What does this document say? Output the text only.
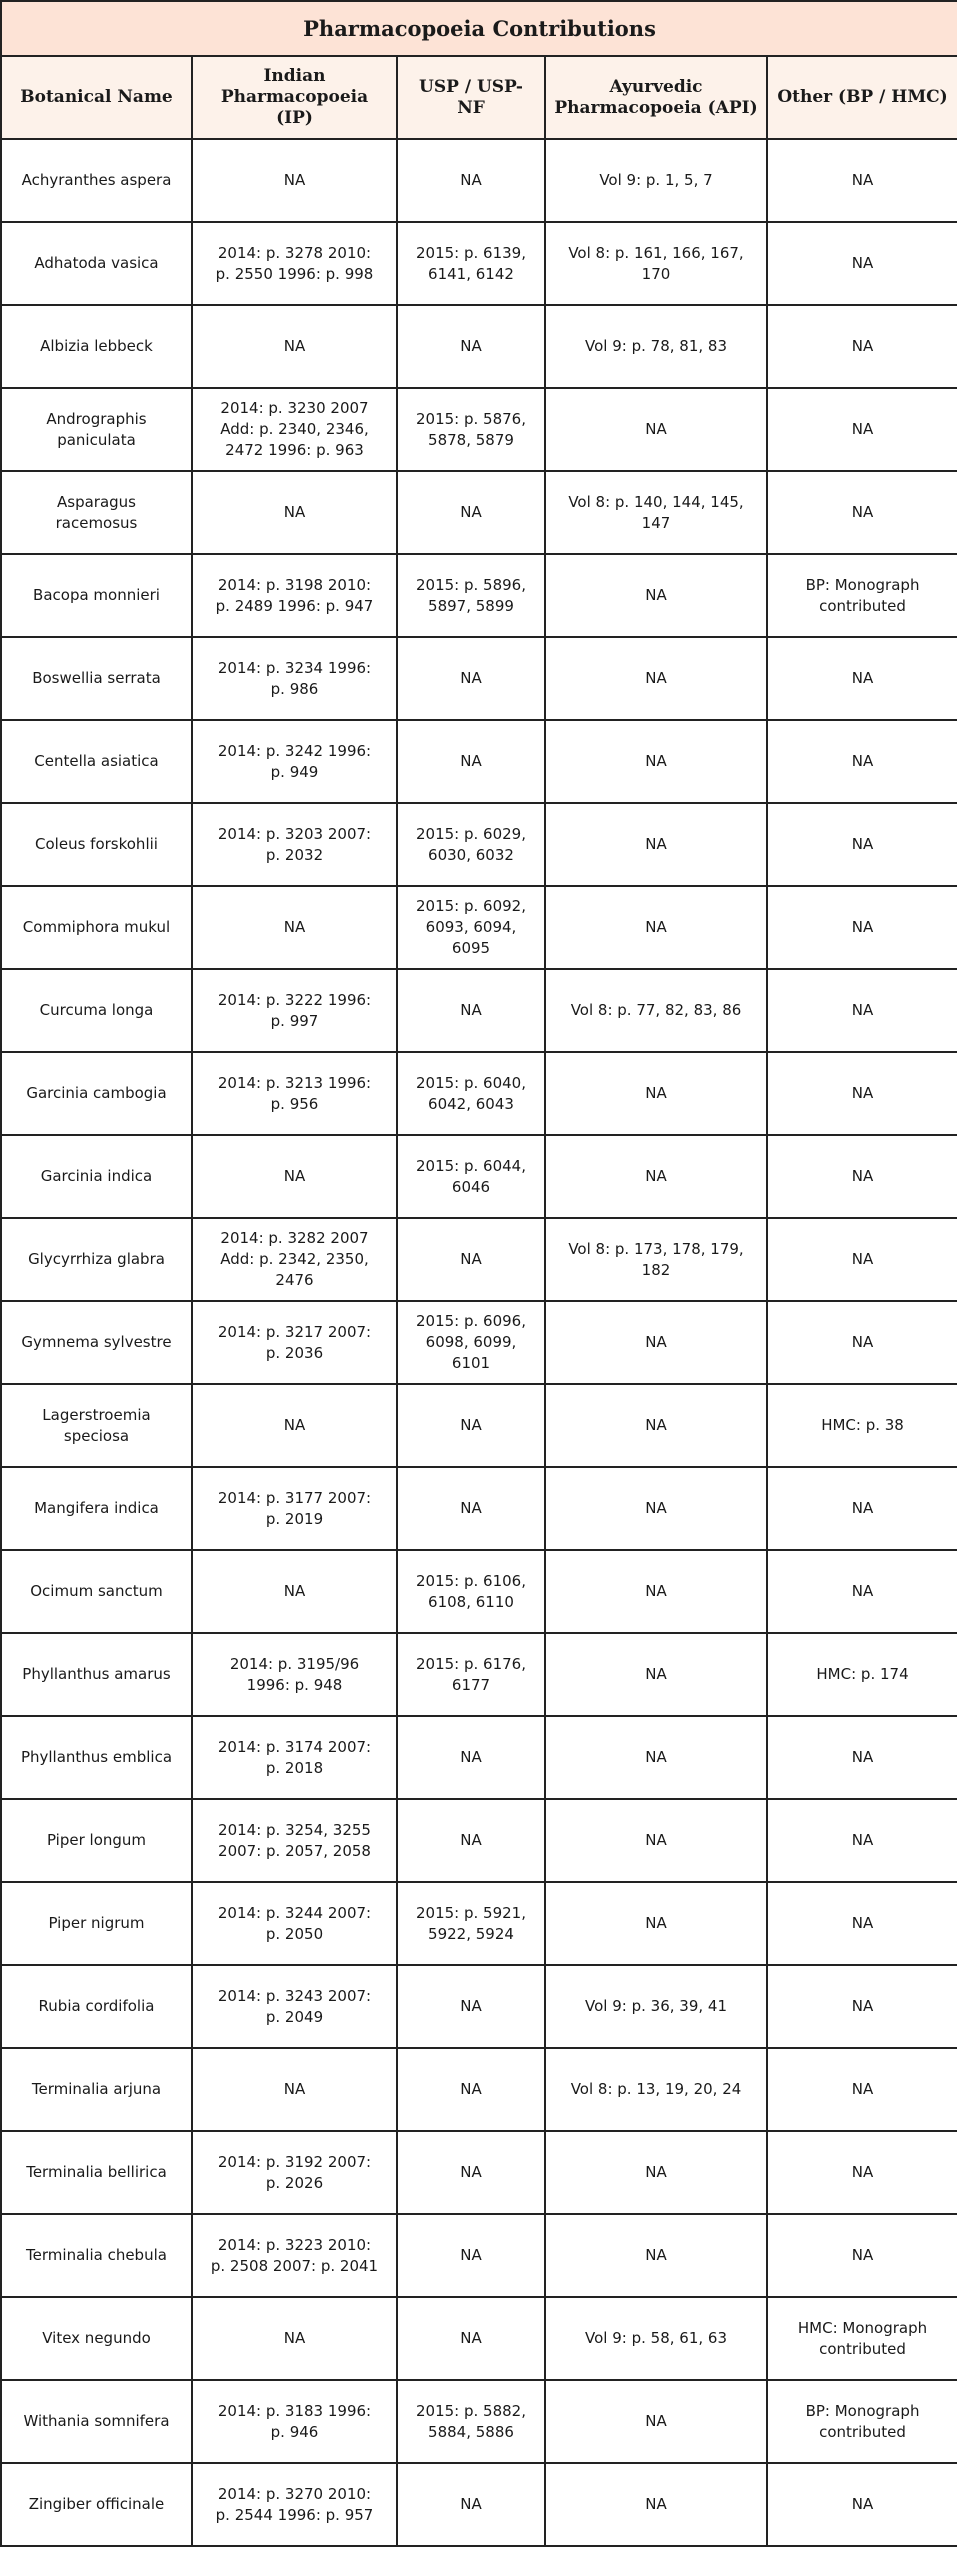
Pharmacopoeia Contributions				
Botanical Name	Indian Pharmacopoeia (IP)	USP / USP-NF	Ayurvedic Pharmacopoeia (API)	Other (BP / HMC)
Achyranthes aspera	NA	NA	Vol 9: p. 1, 5, 7	NA
Adhatoda vasica	2014: p. 3278 2010: p. 2550 1996: p. 998	2015: p. 6139, 6141, 6142	Vol 8: p. 161, 166, 167, 170	NA
Albizia lebbeck	NA	NA	Vol 9: p. 78, 81, 83	NA
Andrographis paniculata	2014: p. 3230 2007 Add: p. 2340, 2346, 2472 1996: p. 963	2015: p. 5876, 5878, 5879	NA	NA
Asparagus racemosus	NA	NA	Vol 8: p. 140, 144, 145, 147	NA
Bacopa monnieri	2014: p. 3198 2010: p. 2489 1996: p. 947	2015: p. 5896, 5897, 5899	NA	BP: Monograph contributed
Boswellia serrata	2014: p. 3234 1996: p. 986	NA	NA	NA
Centella asiatica	2014: p. 3242 1996: p. 949	NA	NA	NA
Coleus forskohlii	2014: p. 3203 2007: p. 2032	2015: p. 6029, 6030, 6032	NA	NA
Commiphora mukul	NA	2015: p. 6092, 6093, 6094, 6095	NA	NA
Curcuma longa	2014: p. 3222 1996: p. 997	NA	Vol 8: p. 77, 82, 83, 86	NA
Garcinia cambogia	2014: p. 3213 1996: p. 956	2015: p. 6040, 6042, 6043	NA	NA
Garcinia indica	NA	2015: p. 6044, 6046	NA	NA
Glycyrrhiza glabra	2014: p. 3282 2007 Add: p. 2342, 2350, 2476	NA	Vol 8: p. 173, 178, 179, 182	NA
Gymnema sylvestre	2014: p. 3217 2007: p. 2036	2015: p. 6096, 6098, 6099, 6101	NA	NA
Lagerstroemia speciosa	NA	NA	NA	HMC: p. 38
Mangifera indica	2014: p. 3177 2007: p. 2019	NA	NA	NA
Ocimum sanctum	NA	2015: p. 6106, 6108, 6110	NA	NA
Phyllanthus amarus	2014: p. 3195/96 1996: p. 948	2015: p. 6176, 6177	NA	HMC: p. 174
Phyllanthus emblica	2014: p. 3174 2007: p. 2018	NA	NA	NA
Piper longum	2014: p. 3254, 3255 2007: p. 2057, 2058	NA	NA	NA
Piper nigrum	2014: p. 3244 2007: p. 2050	2015: p. 5921, 5922, 5924	NA	NA
Rubia cordifolia	2014: p. 3243 2007: p. 2049	NA	Vol 9: p. 36, 39, 41	NA
Terminalia arjuna	NA	NA	Vol 8: p. 13, 19, 20, 24	NA
Terminalia bellirica	2014: p. 3192 2007: p. 2026	NA	NA	NA
Terminalia chebula	2014: p. 3223 2010: p. 2508 2007: p. 2041	NA	NA	NA
Vitex negundo	NA	NA	Vol 9: p. 58, 61, 63	HMC: Monograph contributed
Withania somnifera	2014: p. 3183 1996: p. 946	2015: p. 5882, 5884, 5886	NA	BP: Monograph contributed
Zingiber officinale	2014: p. 3270 2010: p. 2544 1996: p. 957	NA	NA	NA
